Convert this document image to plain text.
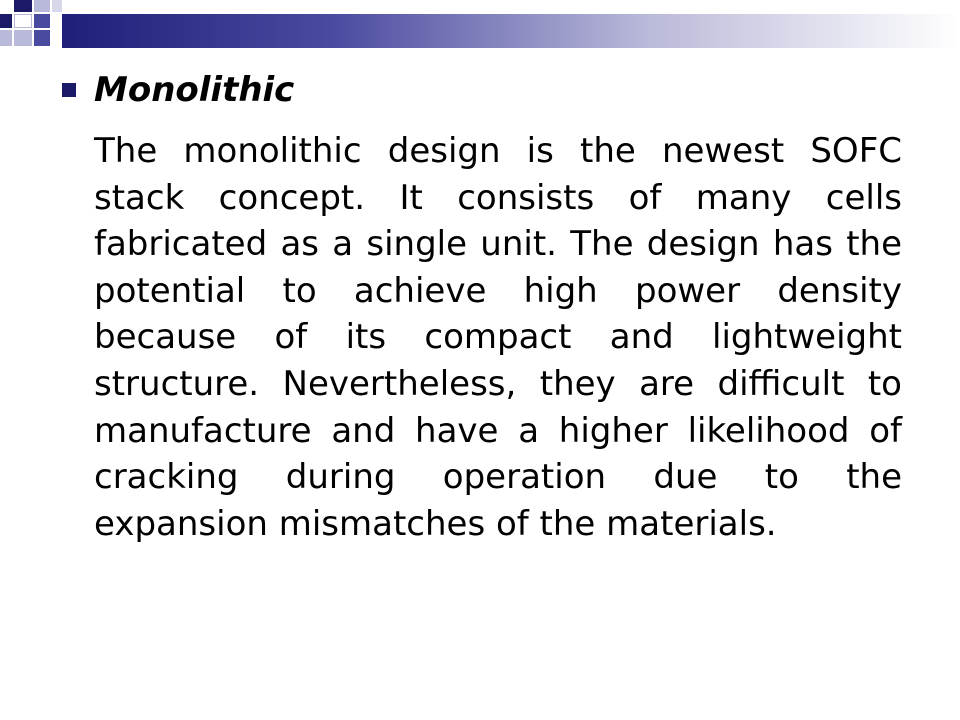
Monolithic

The monolithic design is the newest SOFC stack concept. It consists of many cells fabricated as a single unit. The design has the potential to achieve high power density because of its compact and lightweight structure. Nevertheless, they are difficult to manufacture and have a higher likelihood of cracking during operation due to the expansion mismatches of the materials.
